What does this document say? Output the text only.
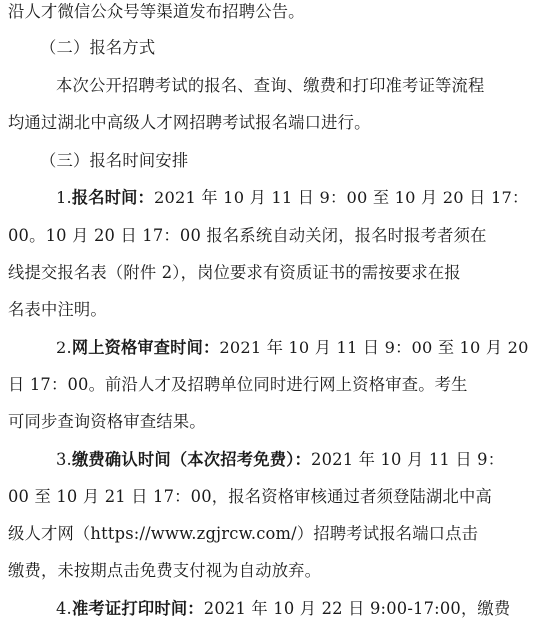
沿人才微信公众号等渠道发布招聘公告。
（二）报名方式
本次公开招聘考试的报名、查询、缴费和打印准考证等流程
均通过湖北中高级人才网招聘考试报名端口进行。
（三）报名时间安排
1.报名时间：2021 年 10 月 11 日 9：00 至 10 月 20 日 17：
00。10 月 20 日 17：00 报名系统自动关闭，报名时报考者须在
线提交报名表（附件 2），岗位要求有资质证书的需按要求在报
名表中注明。
2.网上资格审查时间：2021 年 10 月 11 日 9：00 至 10 月 20
日 17：00。前沿人才及招聘单位同时进行网上资格审查。考生
可同步查询资格审查结果。
3.缴费确认时间（本次招考免费）：2021 年 10 月 11 日 9：
00 至 10 月 21 日 17：00，报名资格审核通过者须登陆湖北中高
级人才网（https://www.zgjrcw.com/）招聘考试报名端口点击
缴费，未按期点击免费支付视为自动放弃。
4.准考证打印时间：2021 年 10 月 22 日 9:00-17:00，缴费
